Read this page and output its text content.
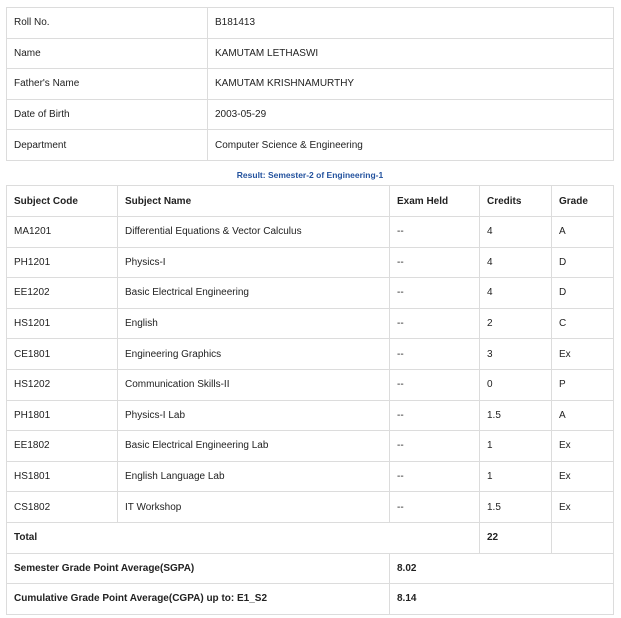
Roll No.	B181413
Name	KAMUTAM LETHASWI
Father's Name	KAMUTAM KRISHNAMURTHY
Date of Birth	2003-05-29
Department	Computer Science & Engineering
Result: Semester-2 of Engineering-1
Subject Code	Subject Name	Exam Held	Credits	Grade
MA1201	Differential Equations & Vector Calculus	--	4	A
PH1201	Physics-I	--	4	D
EE1202	Basic Electrical Engineering	--	4	D
HS1201	English	--	2	C
CE1801	Engineering Graphics	--	3	Ex
HS1202	Communication Skills-II	--	0	P
PH1801	Physics-I Lab	--	1.5	A
EE1802	Basic Electrical Engineering Lab	--	1	Ex
HS1801	English Language Lab	--	1	Ex
CS1802	IT Workshop	--	1.5	Ex
Total			22	
Semester Grade Point Average(SGPA)		8.02		
Cumulative Grade Point Average(CGPA) up to: E1_S2		8.14		
